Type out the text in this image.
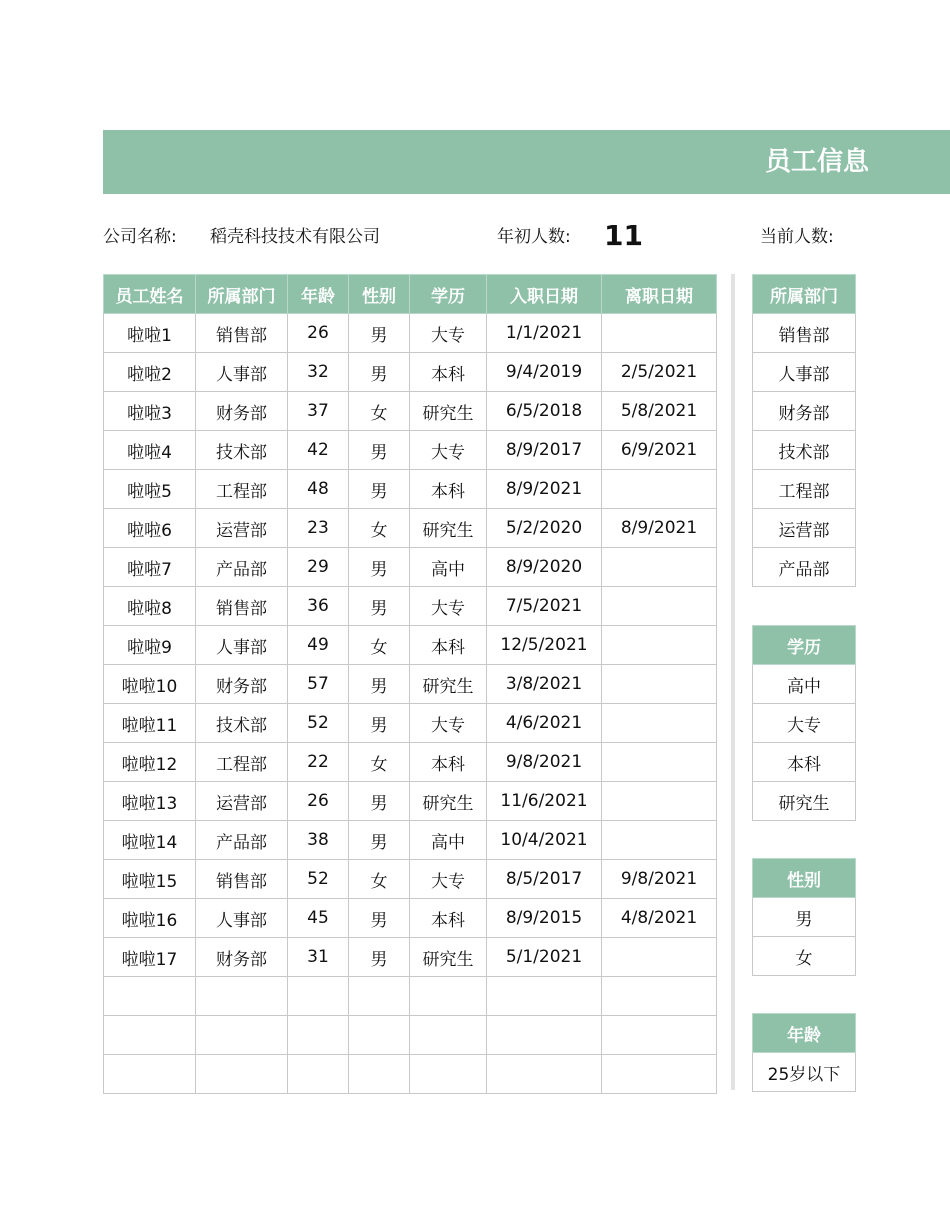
员工信息
公司名称: 稻壳科技技术有限公司	年初人数: 11	当前人数:
员工姓名	所属部门	年龄	性别	学历	入职日期	离职日期
啦啦1	销售部	26	男	大专	1/1/2021	
啦啦2	人事部	32	男	本科	9/4/2019	2/5/2021
啦啦3	财务部	37	女	研究生	6/5/2018	5/8/2021
啦啦4	技术部	42	男	大专	8/9/2017	6/9/2021
啦啦5	工程部	48	男	本科	8/9/2021	
啦啦6	运营部	23	女	研究生	5/2/2020	8/9/2021
啦啦7	产品部	29	男	高中	8/9/2020	
啦啦8	销售部	36	男	大专	7/5/2021	
啦啦9	人事部	49	女	本科	12/5/2021	
啦啦10	财务部	57	男	研究生	3/8/2021	
啦啦11	技术部	52	男	大专	4/6/2021	
啦啦12	工程部	22	女	本科	9/8/2021	
啦啦13	运营部	26	男	研究生	11/6/2021	
啦啦14	产品部	38	男	高中	10/4/2021	
啦啦15	销售部	52	女	大专	8/5/2017	9/8/2021
啦啦16	人事部	45	男	本科	8/9/2015	4/8/2021
啦啦17	财务部	31	男	研究生	5/1/2021	

所属部门
销售部
人事部
财务部
技术部
工程部
运营部
产品部
学历
高中
大专
本科
研究生
性别
男
女
年龄
25岁以下
